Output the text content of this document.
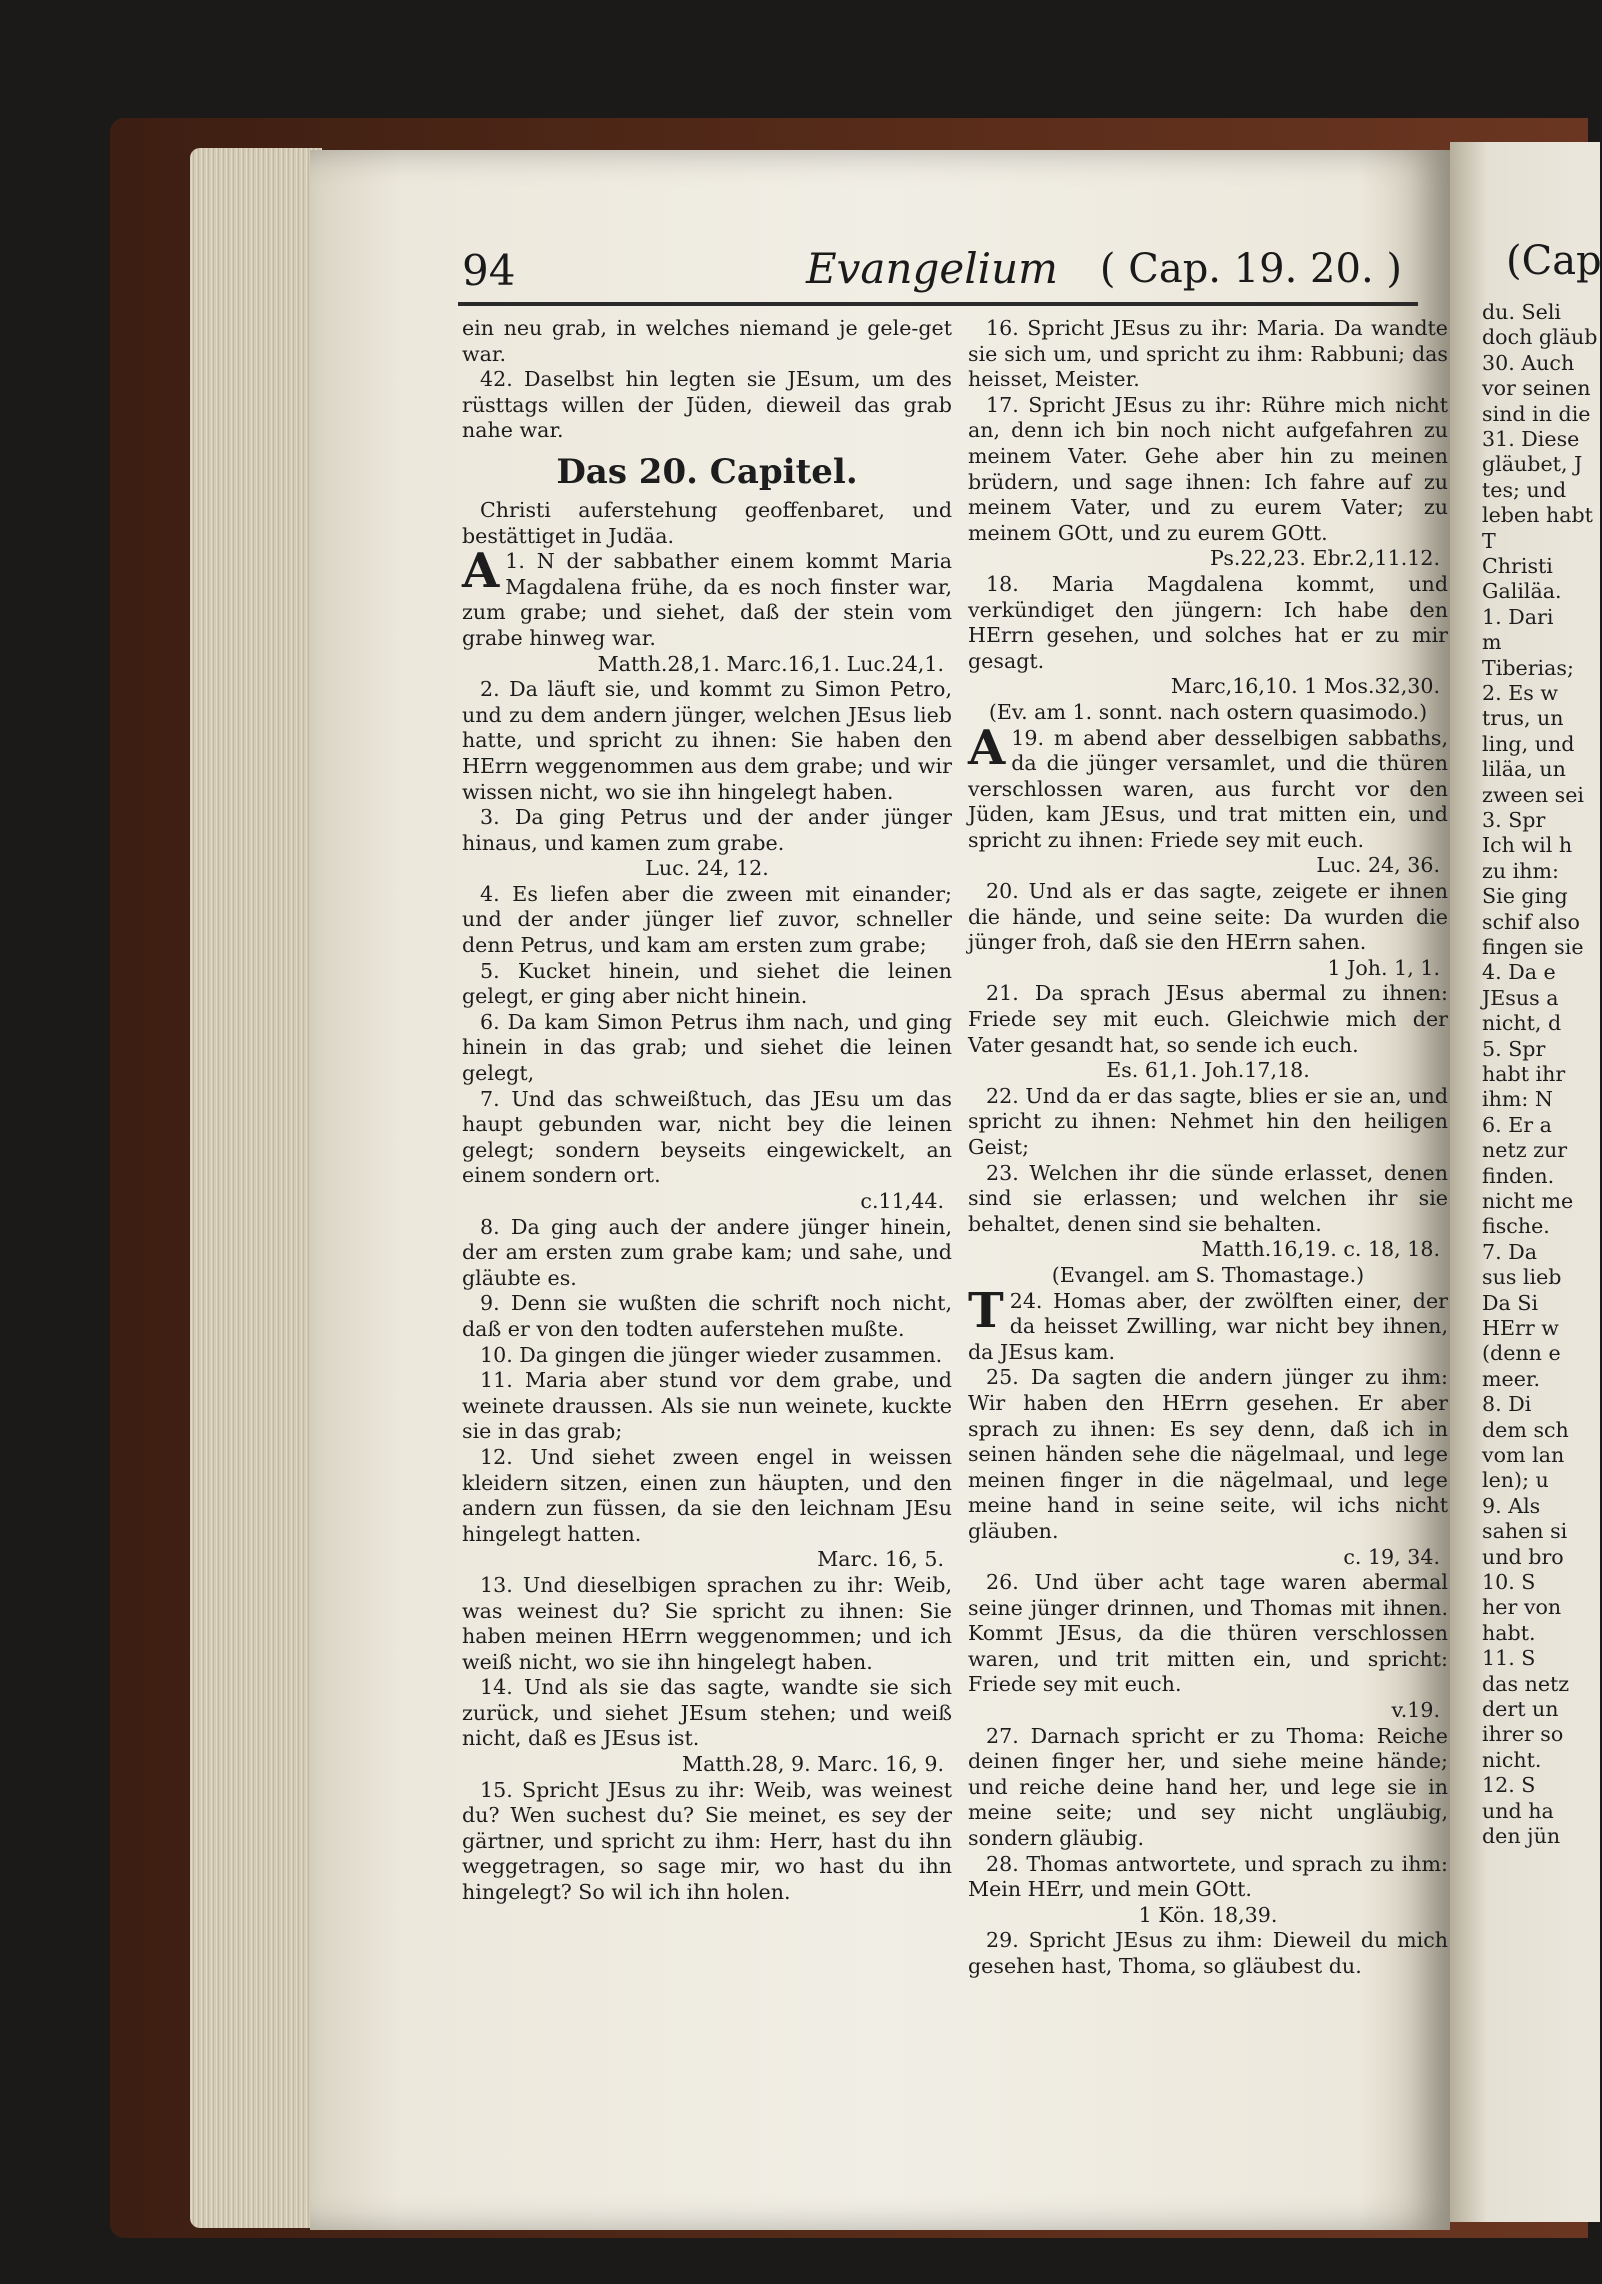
94	Evangelium	( Cap. 19. 20. )

ein neu grab, in welches niemand je gele-get war.

42. Daselbst hin legten sie JEsum, um des rüsttags willen der Jüden, dieweil das grab nahe war.

Das 20. Capitel.

Christi auferstehung geoffenbaret, und bestättiget in Judäa.

1.
A N der sabbather einem kommt Maria Magdalena frühe, da es noch finster war, zum grabe; und siehet, daß der stein vom grabe hinweg war.

Matth.28,1. Marc.16,1. Luc.24,1.

2. Da läuft sie, und kommt zu Simon Petro, und zu dem andern jünger, welchen JEsus lieb hatte, und spricht zu ihnen: Sie haben den HErrn weggenommen aus dem grabe; und wir wissen nicht, wo sie ihn hingelegt haben.

3. Da ging Petrus und der ander jünger hinaus, und kamen zum grabe.

Luc. 24, 12.

4. Es liefen aber die zween mit einander; und der ander jünger lief zuvor, schneller denn Petrus, und kam am ersten zum grabe;

5. Kucket hinein, und siehet die leinen gelegt, er ging aber nicht hinein.

6. Da kam Simon Petrus ihm nach, und ging hinein in das grab; und siehet die leinen gelegt,

7. Und das schweißtuch, das JEsu um das haupt gebunden war, nicht bey die leinen gelegt; sondern beyseits eingewickelt, an einem sondern ort.

c.11,44.

8. Da ging auch der andere jünger hinein, der am ersten zum grabe kam; und sahe, und gläubte es.

9. Denn sie wußten die schrift noch nicht, daß er von den todten auferstehen mußte.

10. Da gingen die jünger wieder zusammen.

11. Maria aber stund vor dem grabe, und weinete draussen. Als sie nun weinete, kuckte sie in das grab;

12. Und siehet zween engel in weissen kleidern sitzen, einen zun häupten, und den andern zun füssen, da sie den leichnam JEsu hingelegt hatten.

Marc. 16, 5.

13. Und dieselbigen sprachen zu ihr: Weib, was weinest du? Sie spricht zu ihnen: Sie haben meinen HErrn weggenommen; und ich weiß nicht, wo sie ihn hingelegt haben.

14. Und als sie das sagte, wandte sie sich zurück, und siehet JEsum stehen; und weiß nicht, daß es JEsus ist.

Matth.28, 9. Marc. 16, 9.

15. Spricht JEsus zu ihr: Weib, was weinest du? Wen suchest du? Sie meinet, es sey der gärtner, und spricht zu ihm: Herr, hast du ihn weggetragen, so sage mir, wo hast du ihn hingelegt? So wil ich ihn holen.

16. Spricht JEsus zu ihr: Maria. Da wandte sie sich um, und spricht zu ihm: Rabbuni; das heisset, Meister.

17. Spricht JEsus zu ihr: Rühre mich nicht an, denn ich bin noch nicht aufgefahren zu meinem Vater. Gehe aber hin zu meinen brüdern, und sage ihnen: Ich fahre auf zu meinem Vater, und zu eurem Vater; zu meinem GOtt, und zu eurem GOtt.

Ps.22,23. Ebr.2,11.12.

18. Maria Magdalena kommt, und verkündiget den jüngern: Ich habe den HErrn gesehen, und solches hat er zu mir gesagt.

Marc,16,10. 1 Mos.32,30.

(Ev. am 1. sonnt. nach ostern quasimodo.)

19.
A m abend aber desselbigen sabbaths, da die jünger versamlet, und die thüren verschlossen waren, aus furcht vor den Jüden, kam JEsus, und trat mitten ein, und spricht zu ihnen: Friede sey mit euch.

Luc. 24, 36.

20. Und als er das sagte, zeigete er ihnen die hände, und seine seite: Da wurden die jünger froh, daß sie den HErrn sahen.

1 Joh. 1, 1.

21. Da sprach JEsus abermal zu ihnen: Friede sey mit euch. Gleichwie mich der Vater gesandt hat, so sende ich euch.

Es. 61,1. Joh.17,18.

22. Und da er das sagte, blies er sie an, und spricht zu ihnen: Nehmet hin den heiligen Geist;

23. Welchen ihr die sünde erlasset, denen sind sie erlassen; und welchen ihr sie behaltet, denen sind sie behalten.

Matth.16,19. c. 18, 18.

(Evangel. am S. Thomastage.)

24.
T Homas aber, der zwölften einer, der da heisset Zwilling, war nicht bey ihnen, da JEsus kam.

25. Da sagten die andern jünger zu ihm: Wir haben den HErrn gesehen. Er aber sprach zu ihnen: Es sey denn, daß ich in seinen händen sehe die nägelmaal, und lege meinen finger in die nägelmaal, und lege meine hand in seine seite, wil ichs nicht gläuben.

c. 19, 34.

26. Und über acht tage waren abermal seine jünger drinnen, und Thomas mit ihnen. Kommt JEsus, da die thüren verschlossen waren, und trit mitten ein, und spricht: Friede sey mit euch.

v.19.

27. Darnach spricht er zu Thoma: Reiche deinen finger her, und siehe meine hände; und reiche deine hand her, und lege sie in meine seite; und sey nicht ungläubig, sondern gläubig.

28. Thomas antwortete, und sprach zu ihm: Mein HErr, und mein GOtt.

1 Kön. 18,39.

29. Spricht JEsus zu ihm: Dieweil du mich gesehen hast, Thoma, so gläubest du.

(Cap
du. Seli
doch gläub
30. Auch
vor seinen
sind in die
31. Diese
gläubet, J
tes; und
leben habt
T
Christi
Galiläa.
1. Dari
m
Tiberias;
2. Es w
trus, un
ling, und
liläa, un
zween sei
3. Spr
Ich wil h
zu ihm:
Sie ging
schif also
fingen sie
4. Da e
JEsus a
nicht, d
5. Spr
habt ihr
ihm: N
6. Er a
netz zur
finden.
nicht me
fische.
7. Da
sus lieb
Da Si
HErr w
(denn e
meer.
8. Di
dem sch
vom lan
len); u
9. Als
sahen si
und bro
10. S
her von
habt.
11. S
das netz
dert un
ihrer so
nicht.
12. S
und ha
den jün
